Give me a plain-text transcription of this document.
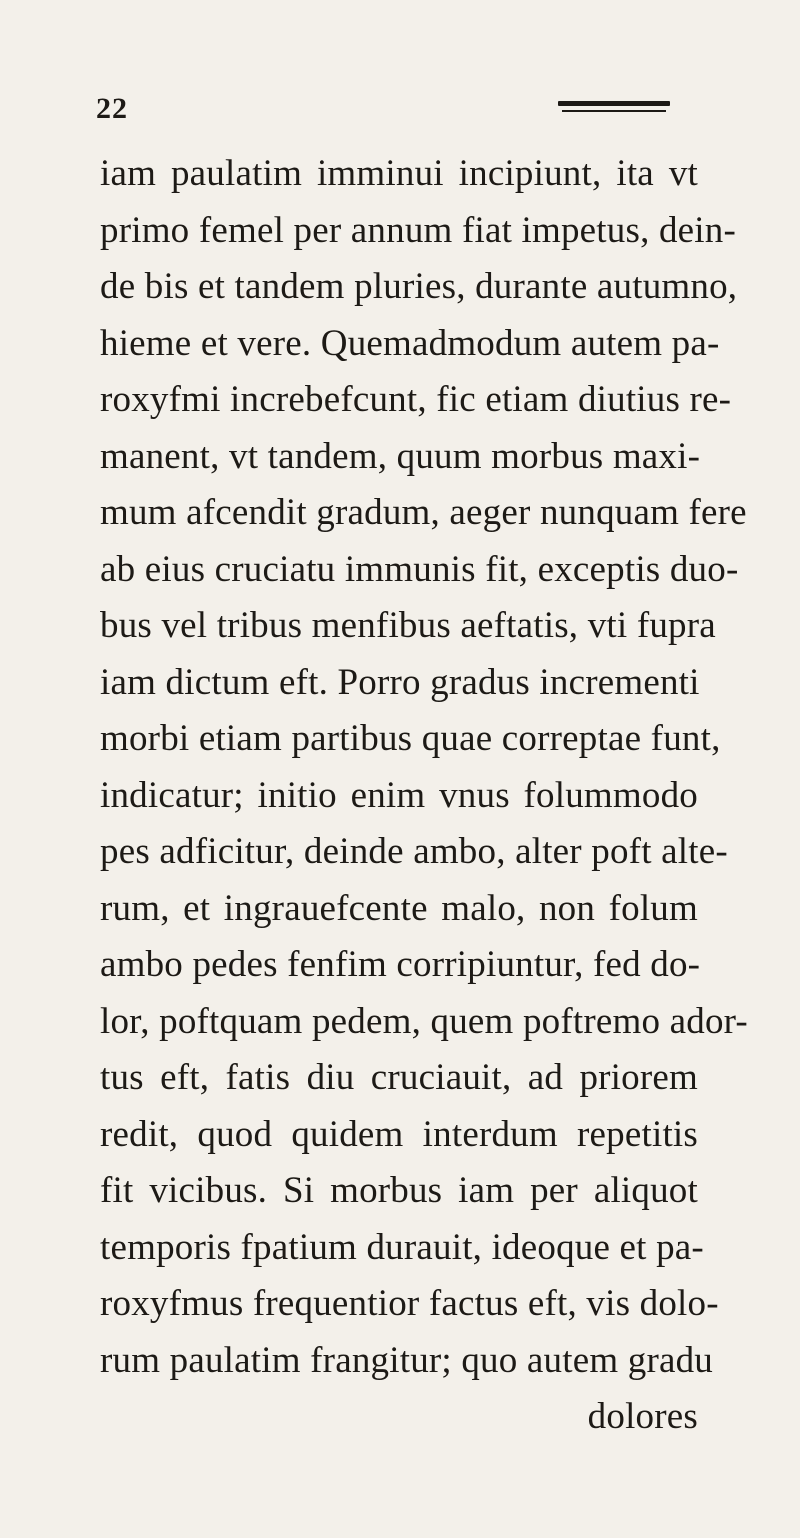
22
iam paulatim imminui incipiunt, ita vt
primo femel per annum fiat impetus, dein-
de bis et tandem pluries, durante autumno,
hieme et vere. Quemadmodum autem pa-
roxyfmi increbefcunt, fic etiam diutius re-
manent, vt tandem, quum morbus maxi-
mum afcendit gradum, aeger nunquam fere
ab eius cruciatu immunis fit, exceptis duo-
bus vel tribus menfibus aeftatis, vti fupra
iam dictum eft. Porro gradus incrementi
morbi etiam partibus quae correptae funt,
indicatur; initio enim vnus folummodo
pes adficitur, deinde ambo, alter poft alte-
rum, et ingrauefcente malo, non folum
ambo pedes fenfim corripiuntur, fed do-
lor, poftquam pedem, quem poftremo ador-
tus eft, fatis diu cruciauit, ad priorem
redit, quod quidem interdum repetitis
fit vicibus. Si morbus iam per aliquot
temporis fpatium durauit, ideoque et pa-
roxyfmus frequentior factus eft, vis dolo-
rum paulatim frangitur; quo autem gradu
dolores
